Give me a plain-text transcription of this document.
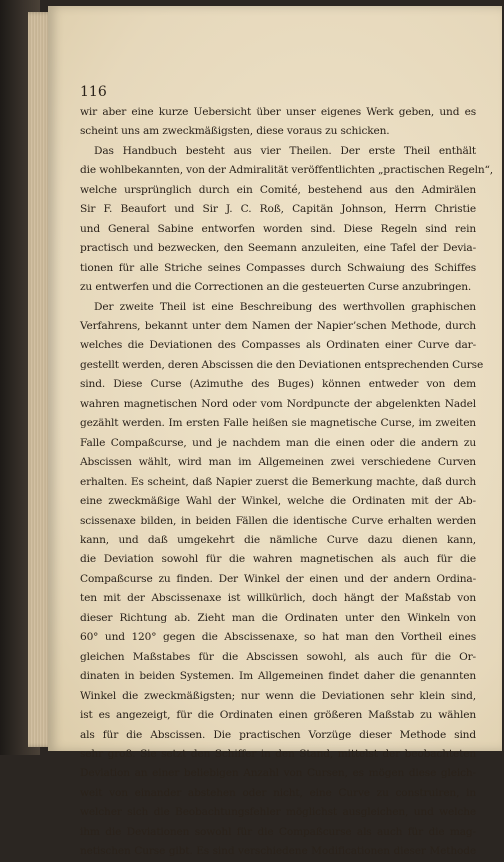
116
wir aber eine kurze Uebersicht über unser eigenes Werk geben, und es
scheint uns am zweckmäßigsten, diese voraus zu schicken.
Das Handbuch besteht aus vier Theilen. Der erste Theil enthält
die wohlbekannten, von der Admiralität veröffentlichten „practischen Regeln“,
welche ursprünglich durch ein Comité, bestehend aus den Admirälen
Sir F. Beaufort und Sir J. C. Roß, Capitän Johnson, Herrn Christie
und General Sabine entworfen worden sind. Diese Regeln sind rein
practisch und bezwecken, den Seemann anzuleiten, eine Tafel der Devia-
tionen für alle Striche seines Compasses durch Schwaiung des Schiffes
zu entwerfen und die Correctionen an die gesteuerten Curse anzubringen.
Der zweite Theil ist eine Beschreibung des werthvollen graphischen
Verfahrens, bekannt unter dem Namen der Napier’schen Methode, durch
welches die Deviationen des Compasses als Ordinaten einer Curve dar-
gestellt werden, deren Abscissen die den Deviationen entsprechenden Curse
sind. Diese Curse (Azimuthe des Buges) können entweder von dem
wahren magnetischen Nord oder vom Nordpuncte der abgelenkten Nadel
gezählt werden. Im ersten Falle heißen sie magnetische Curse, im zweiten
Falle Compaßcurse, und je nachdem man die einen oder die andern zu
Abscissen wählt, wird man im Allgemeinen zwei verschiedene Curven
erhalten. Es scheint, daß Napier zuerst die Bemerkung machte, daß durch
eine zweckmäßige Wahl der Winkel, welche die Ordinaten mit der Ab-
scissenaxe bilden, in beiden Fällen die identische Curve erhalten werden
kann, und daß umgekehrt die nämliche Curve dazu dienen kann,
die Deviation sowohl für die wahren magnetischen als auch für die
Compaßcurse zu finden. Der Winkel der einen und der andern Ordina-
ten mit der Abscissenaxe ist willkürlich, doch hängt der Maßstab von
dieser Richtung ab. Zieht man die Ordinaten unter den Winkeln von
60° und 120° gegen die Abscissenaxe, so hat man den Vortheil eines
gleichen Maßstabes für die Abscissen sowohl, als auch für die Or-
dinaten in beiden Systemen. Im Allgemeinen findet daher die genannten
Winkel die zweckmäßigsten; nur wenn die Deviationen sehr klein sind,
ist es angezeigt, für die Ordinaten einen größeren Maßstab zu wählen
als für die Abscissen. Die practischen Vorzüge dieser Methode sind
sehr groß. Sie setzt den Schiffer in den Stand, mittelst der beobachteten
Deviation an einer beliebigen Anzahl von Cursen, es mögen diese gleich-
weit von einander abstehen oder nicht, eine Curve zu construiren, in
welcher sich die Beobachtungsfehler möglichst ausgleichen, und welche
ihm die Deviationen sowohl für die Compaßcurse als auch für die mag-
netischen Curse gibt. Es sind verschiedene Modificationen dieser Methode
